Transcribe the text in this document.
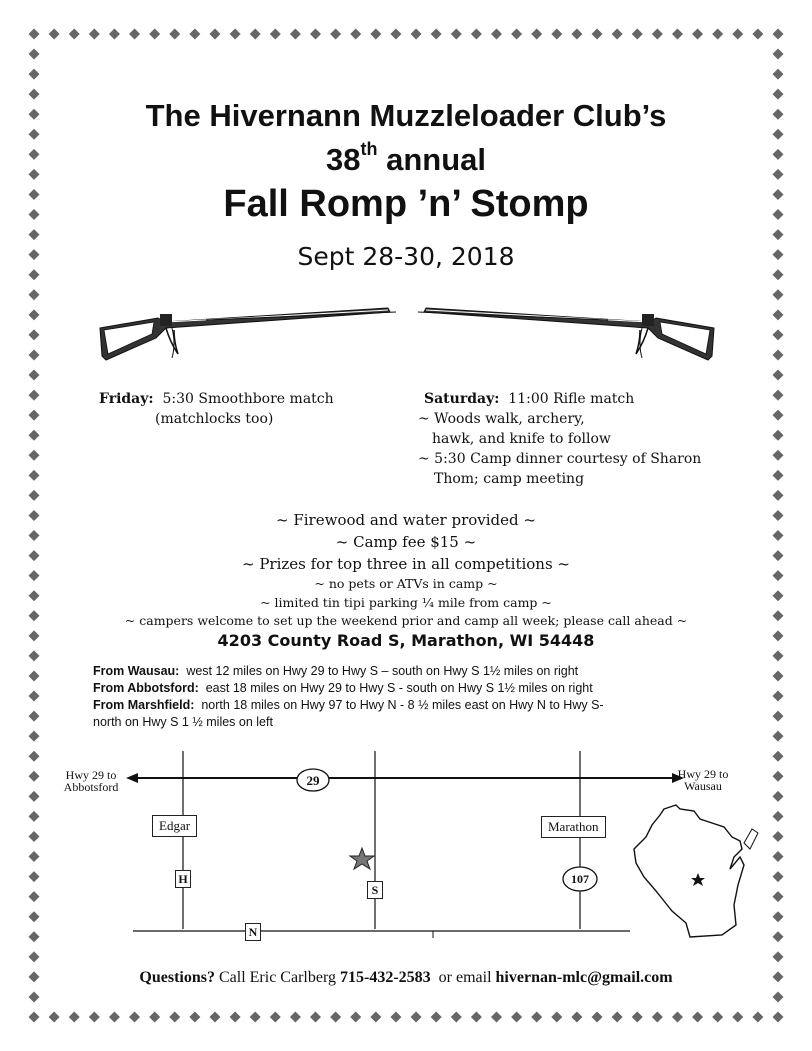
The Hivernann Muzzleloader Club’s
38th annual
Fall Romp ’n’ Stomp
Sept 28-30, 2018
Friday: 5:30 Smoothbore match
(matchlocks too)
Saturday: 11:00 Rifle match
~ Woods walk, archery,
hawk, and knife to follow
~ 5:30 Camp dinner courtesy of Sharon
Thom; camp meeting
~ Firewood and water provided ~
~ Camp fee $15 ~
~ Prizes for top three in all competitions ~
~ no pets or ATVs in camp ~
~ limited tin tipi parking ¼ mile from camp ~
~ campers welcome to set up the weekend prior and camp all week; please call ahead ~
4203 County Road S, Marathon, WI 54448
From Wausau: west 12 miles on Hwy 29 to Hwy S – south on Hwy S 1½ miles on right
From Abbotsford: east 18 miles on Hwy 29 to Hwy S - south on Hwy S 1½ miles on right
From Marshfield: north 18 miles on Hwy 97 to Hwy N - 8 ½ miles east on Hwy N to Hwy S-
north on Hwy S 1 ½ miles on left
Hwy 29 to
Abbotsford
Hwy 29 to
Wausau
29
107
Edgar	Marathon
H
S
N
Questions? Call Eric Carlberg 715-432-2583 or email hivernan-mlc@gmail.com
